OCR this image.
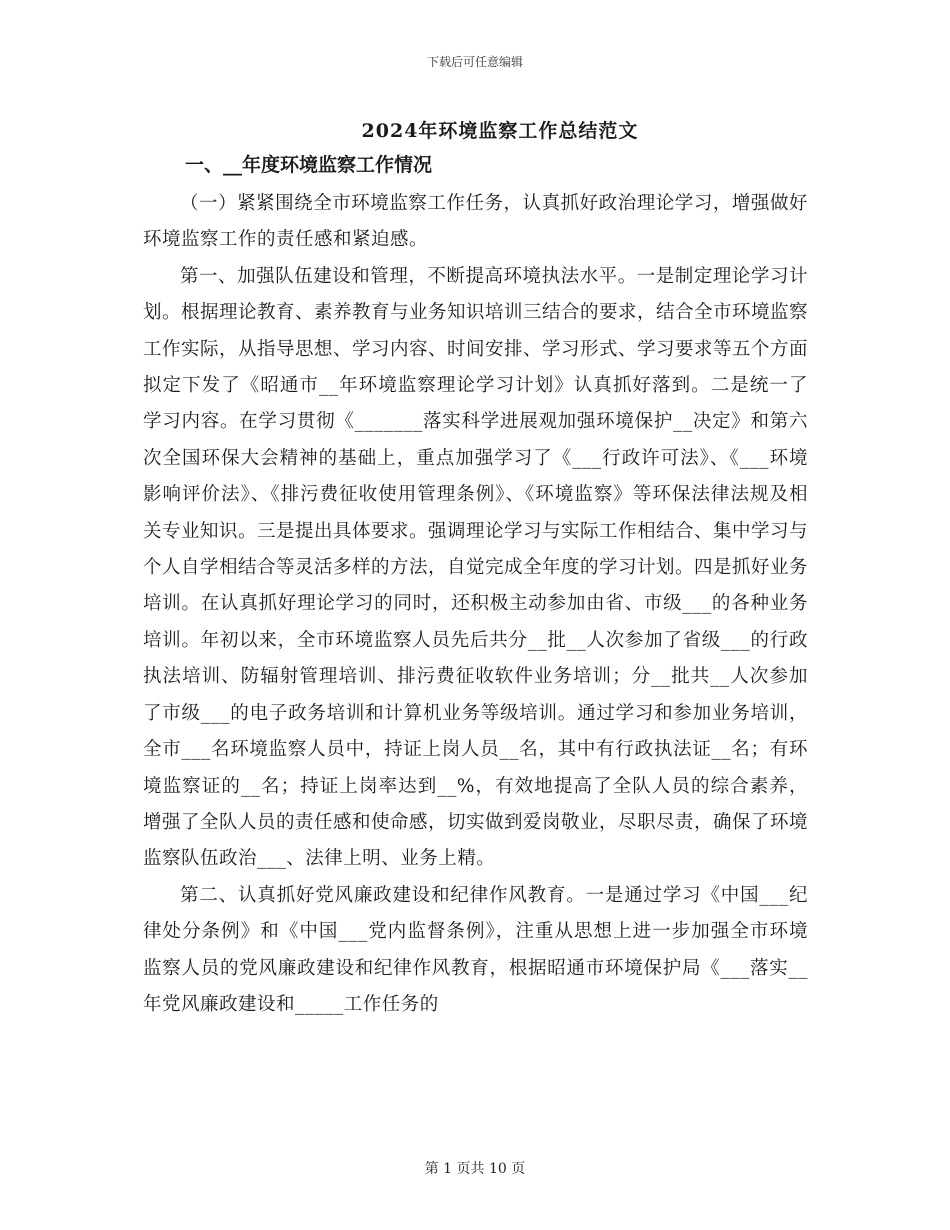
下载后可任意编辑
2024年环境监察工作总结范文
一、__年度环境监察工作情况

（一）紧紧围绕全市环境监察工作任务，认真抓好政治理论学习，增强做好环境监察工作的责任感和紧迫感。

第一、加强队伍建设和管理，不断提高环境执法水平。一是制定理论学习计划。根据理论教育、素养教育与业务知识培训三结合的要求，结合全市环境监察工作实际，从指导思想、学习内容、时间安排、学习形式、学习要求等五个方面拟定下发了《昭通市__年环境监察理论学习计划》认真抓好落到。二是统一了学习内容。在学习贯彻《_______落实科学进展观加强环境保护__决定》和第六次全国环保大会精神的基础上，重点加强学习了《___行政许可法》、《___环境影响评价法》、《排污费征收使用管理条例》、《环境监察》等环保法律法规及相关专业知识。三是提出具体要求。强调理论学习与实际工作相结合、集中学习与个人自学相结合等灵活多样的方法，自觉完成全年度的学习计划。四是抓好业务培训。在认真抓好理论学习的同时，还积极主动参加由省、市级___的各种业务培训。年初以来，全市环境监察人员先后共分__批__人次参加了省级___的行政执法培训、防辐射管理培训、排污费征收软件业务培训；分__批共__人次参加了市级___的电子政务培训和计算机业务等级培训。通过学习和参加业务培训，全市___名环境监察人员中，持证上岗人员__名，其中有行政执法证__名；有环境监察证的__名；持证上岗率达到__%，有效地提高了全队人员的综合素养，增强了全队人员的责任感和使命感，切实做到爱岗敬业，尽职尽责，确保了环境监察队伍政治___、法律上明、业务上精。

第二、认真抓好党风廉政建设和纪律作风教育。一是通过学习《中国___纪律处分条例》和《中国___党内监督条例》，注重从思想上进一步加强全市环境监察人员的党风廉政建设和纪律作风教育，根据昭通市环境保护局《___落实__年党风廉政建设和_____工作任务的

第 1 页共 10 页
